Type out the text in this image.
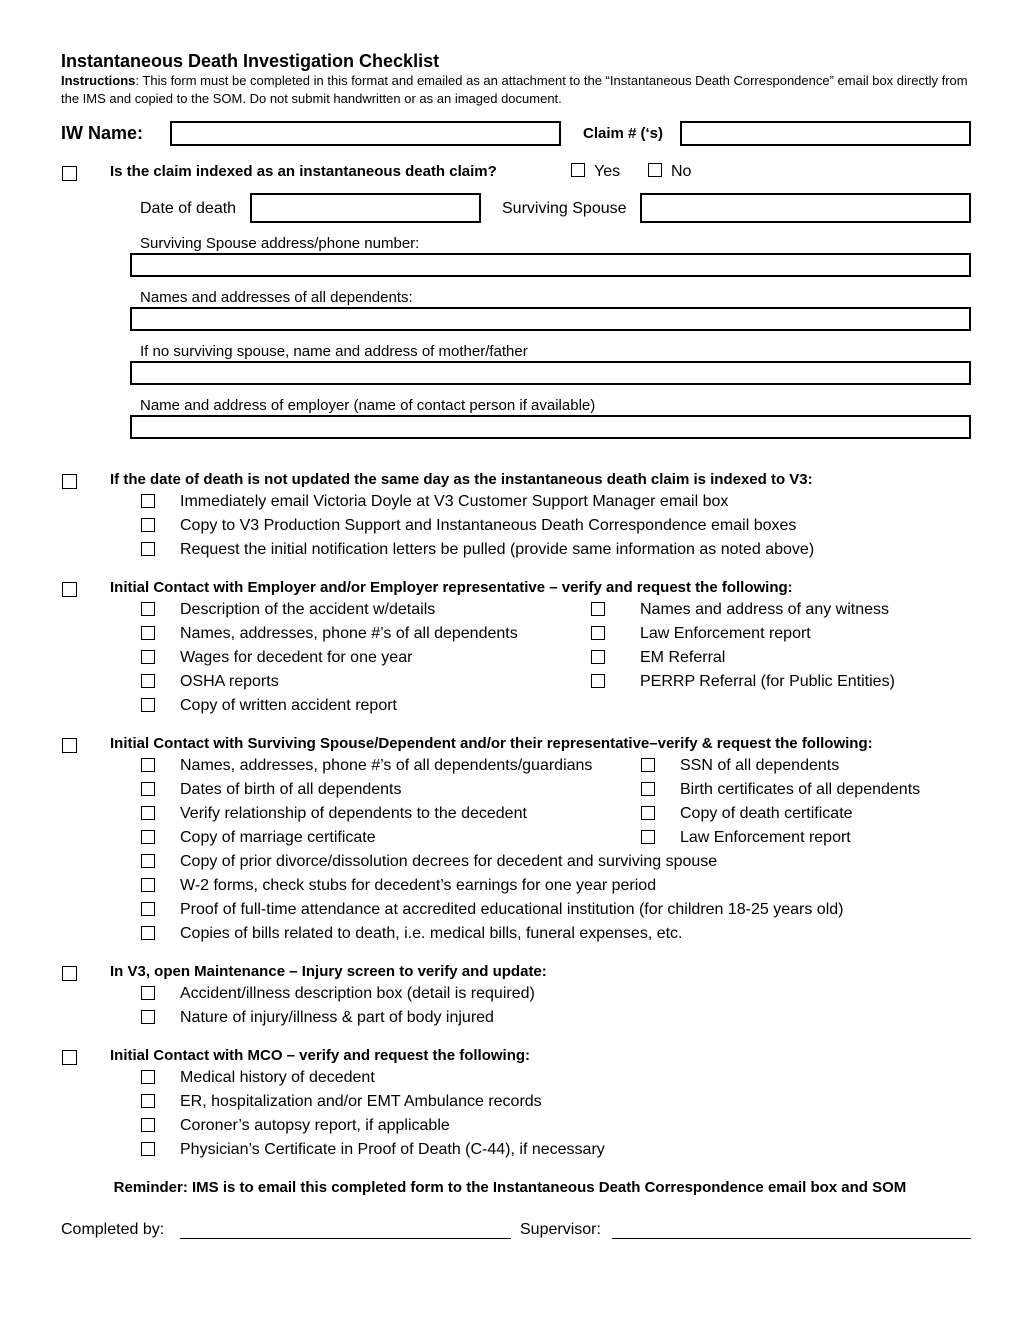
Instantaneous Death Investigation Checklist
Instructions: This form must be completed in this format and emailed as an attachment to the “Instantaneous Death Correspondence” email box directly from the IMS and copied to the SOM. Do not submit handwritten or as an imaged document.
IW Name:	Claim # (‘s)
Is the claim indexed as an instantaneous death claim?	Yes	No
Date of death	Surviving Spouse
Surviving Spouse address/phone number:
Names and addresses of all dependents:
If no surviving spouse, name and address of mother/father
Name and address of employer (name of contact person if available)
If the date of death is not updated the same day as the instantaneous death claim is indexed to V3:
Immediately email Victoria Doyle at V3 Customer Support Manager email box
Copy to V3 Production Support and Instantaneous Death Correspondence email boxes
Request the initial notification letters be pulled (provide same information as noted above)
Initial Contact with Employer and/or Employer representative – verify and request the following:
Description of the accident w/details	Names and address of any witness
Names, addresses, phone #’s of all dependents	Law Enforcement report
Wages for decedent for one year	EM Referral
OSHA reports	PERRP Referral (for Public Entities)
Copy of written accident report
Initial Contact with Surviving Spouse/Dependent and/or their representative–verify & request the following:
Names, addresses, phone #’s of all dependents/guardians	SSN of all dependents
Dates of birth of all dependents	Birth certificates of all dependents
Verify relationship of dependents to the decedent	Copy of death certificate
Copy of marriage certificate	Law Enforcement report
Copy of prior divorce/dissolution decrees for decedent and surviving spouse
W-2 forms, check stubs for decedent’s earnings for one year period
Proof of full-time attendance at accredited educational institution (for children 18-25 years old)
Copies of bills related to death, i.e. medical bills, funeral expenses, etc.
In V3, open Maintenance – Injury screen to verify and update:
Accident/illness description box (detail is required)
Nature of injury/illness & part of body injured
Initial Contact with MCO – verify and request the following:
Medical history of decedent
ER, hospitalization and/or EMT Ambulance records
Coroner’s autopsy report, if applicable
Physician’s Certificate in Proof of Death (C-44), if necessary
Reminder: IMS is to email this completed form to the Instantaneous Death Correspondence email box and SOM
Completed by:	Supervisor:
